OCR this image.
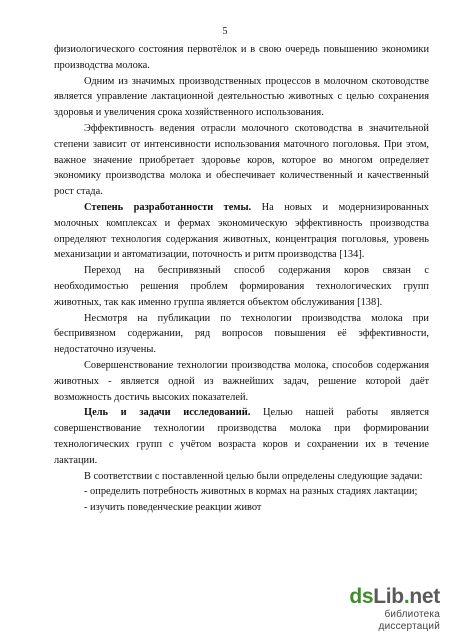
5

физиологического состояния первотёлок и в свою очередь повышению экономики производства молока.

Одним из значимых производственных процессов в молочном скотоводстве является управление лактационной деятельностью животных с целью сохранения здоровья и увеличения срока хозяйственного использования.

Эффективность ведения отрасли молочного скотоводства в значительной степени зависит от интенсивности использования маточного поголовья. При этом, важное значение приобретает здоровье коров, которое во многом определяет экономику производства молока и обеспечивает количественный и качественный рост стада.

Степень разработанности темы. На новых и модернизированных молочных комплексах и фермах экономическую эффективность производства определяют технология содержания животных, концентрация поголовья, уровень механизации и автоматизации, поточность и ритм производства [134].

Переход на беспривязный способ содержания коров связан с необходимостью решения проблем формирования технологических групп животных, так как именно группа является объектом обслуживания [138].

Несмотря на публикации по технологии производства молока при беспривязном содержании, ряд вопросов повышения её эффективности, недостаточно изучены.

Совершенствование технологии производства молока, способов содержания животных - является одной из важнейших задач, решение которой даёт возможность достичь высоких показателей.

Цель и задачи исследований. Целью нашей работы является совершенствование технологии производства молока при формировании технологических групп с учётом возраста коров и сохранении их в течение лактации.

В соответствии с поставленной целью были определены следующие задачи:

- определить потребность животных в кормах на разных стадиях лактации;

- изучить поведенческие реакции живот

dsLib.net
библиотека диссертаций
